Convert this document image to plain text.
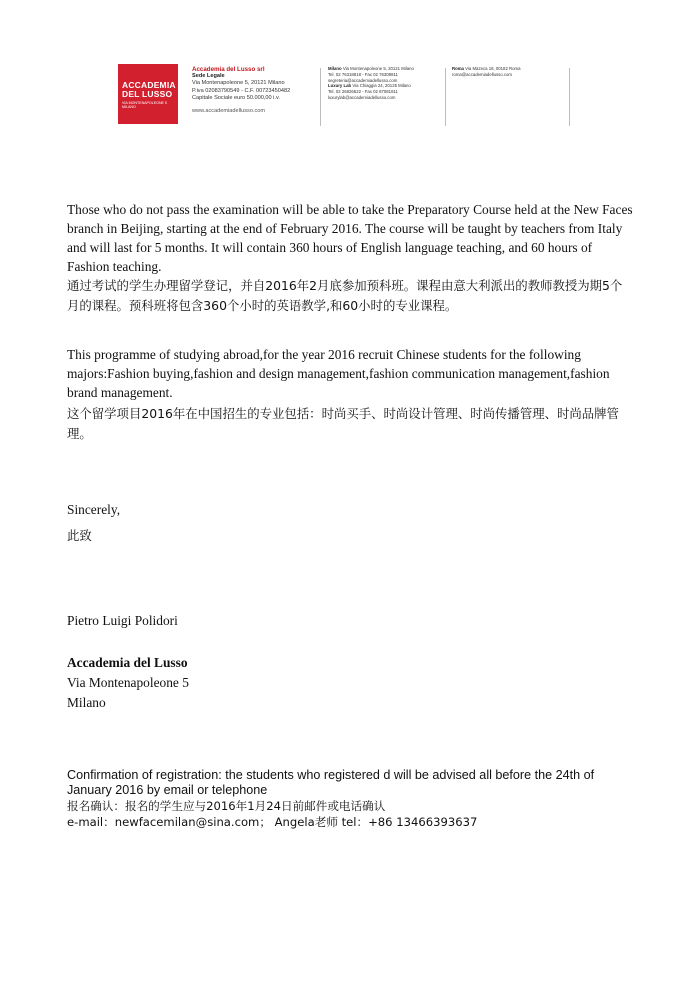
ACCADEMIA
DEL LUSSO
VIA MONTENAPOLEONE 5
MILANO
Accademia del Lusso srl
Sede Legale
Via Montenapoleone 5, 20121 Milano
P.iva 02083790549 - C.F. 00723450482
Capitale Sociale euro 50.000,00 i.v.
www.accademiadellusso.com
Milano Via Montenapoleone 5, 20121 Milano
Tel. 02 76318818 - Fax 02 76308811
segreteria@accademiadellusso.com
Luxury Lab Via Chiaggia 24, 20125 Milano
Tel. 02 26826522 - Fax 02 87081811
luxurylab@accademiadellusso.com
Roma Via Mazeca 18, 00182 Roma
roma@accademiadellusso.com

Those who do not pass the examination will be able to take the Preparatory Course held at the New Faces branch in Beijing, starting at the end of February 2016. The course will be taught by teachers from Italy and will last for 5 months. It will contain 360 hours of English language teaching, and 60 hours of Fashion teaching.

通过考试的学生办理留学登记，并自2016年2月底参加预科班。课程由意大利派出的教师教授为期5个月的课程。预科班将包含360个小时的英语教学,和60小时的专业课程。

This programme of studying abroad,for the year 2016 recruit Chinese students for the following majors:Fashion buying,fashion and design management,fashion communication management,fashion brand management.

这个留学项目2016年在中国招生的专业包括：时尚买手、时尚设计管理、时尚传播管理、时尚品牌管理。

Sincerely,

此致

Pietro Luigi Polidori

Accademia del Lusso

Via Montenapoleone 5

Milano

Confirmation of registration: the students who registered d will be advised all before the 24th of January 2016 by email or telephone

报名确认：报名的学生应与2016年1月24日前邮件或电话确认

e-mail：newfacemilan@sina.com； Angela老师 tel：+86 13466393637
